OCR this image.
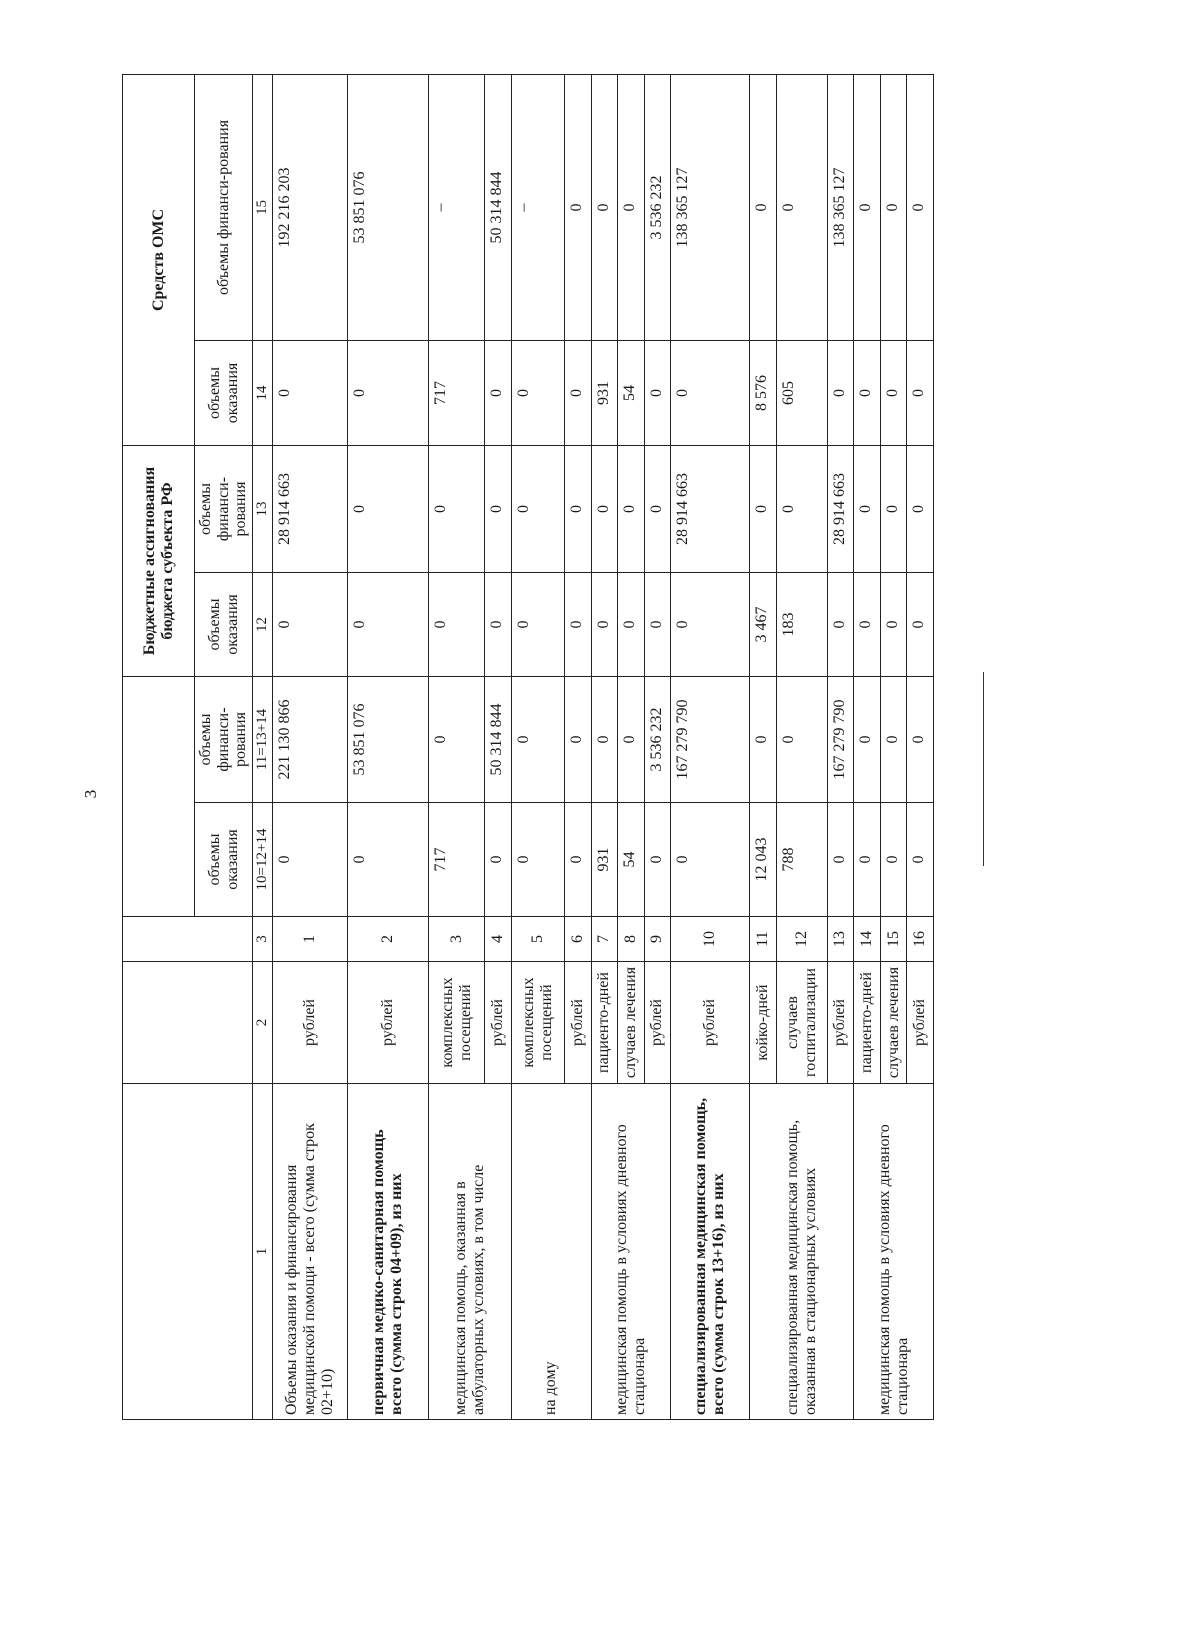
3
					Бюджетные ассигнования бюджета субъекта РФ		Средств ОМС	
			объемы оказания	объемы финанси-рования	объемы оказания	объемы финанси-рования	объемы оказания	объемы финанси-рования
1	2	3	10=12+14	11=13+14	12	13	14	15
Объемы оказания и финансирования медицинской помощи - всего (сумма строк 02+10)	рублей	1	0	221 130 866	0	28 914 663	0	192 216 203
первичная медико-санитарная помощь всего (сумма строк 04+09), из них	рублей	2	0	53 851 076	0	0	0	53 851 076
медицинская помощь, оказанная в амбулаторных условиях, в том числе	комплексных посещений	3	717	0	0	0	717	–
	рублей	4	0	50 314 844	0	0	0	50 314 844
на дому	комплексных посещений	5	0	0	0	0	0	–
	рублей	6	0	0	0	0	0	0
медицинская помощь в условиях дневного стационара	пациенто-дней	7	931	0	0	0	931	0
	случаев лечения	8	54	0	0	0	54	0
	рублей	9	0	3 536 232	0	0	0	3 536 232
специализированная медицинская помощь, всего (сумма строк 13+16), из них	рублей	10	0	167 279 790	0	28 914 663	0	138 365 127
специализированная медицинская помощь, оказанная в стационарных условиях	койко-дней	11	12 043	0	3 467	0	8 576	0
	случаев госпитализации	12	788	0	183	0	605	0
	рублей	13	0	167 279 790	0	28 914 663	0	138 365 127
медицинская помощь в условиях дневного стационара	пациенто-дней	14	0	0	0	0	0	0
	случаев лечения	15	0	0	0	0	0	0
	рублей	16	0	0	0	0	0	0
